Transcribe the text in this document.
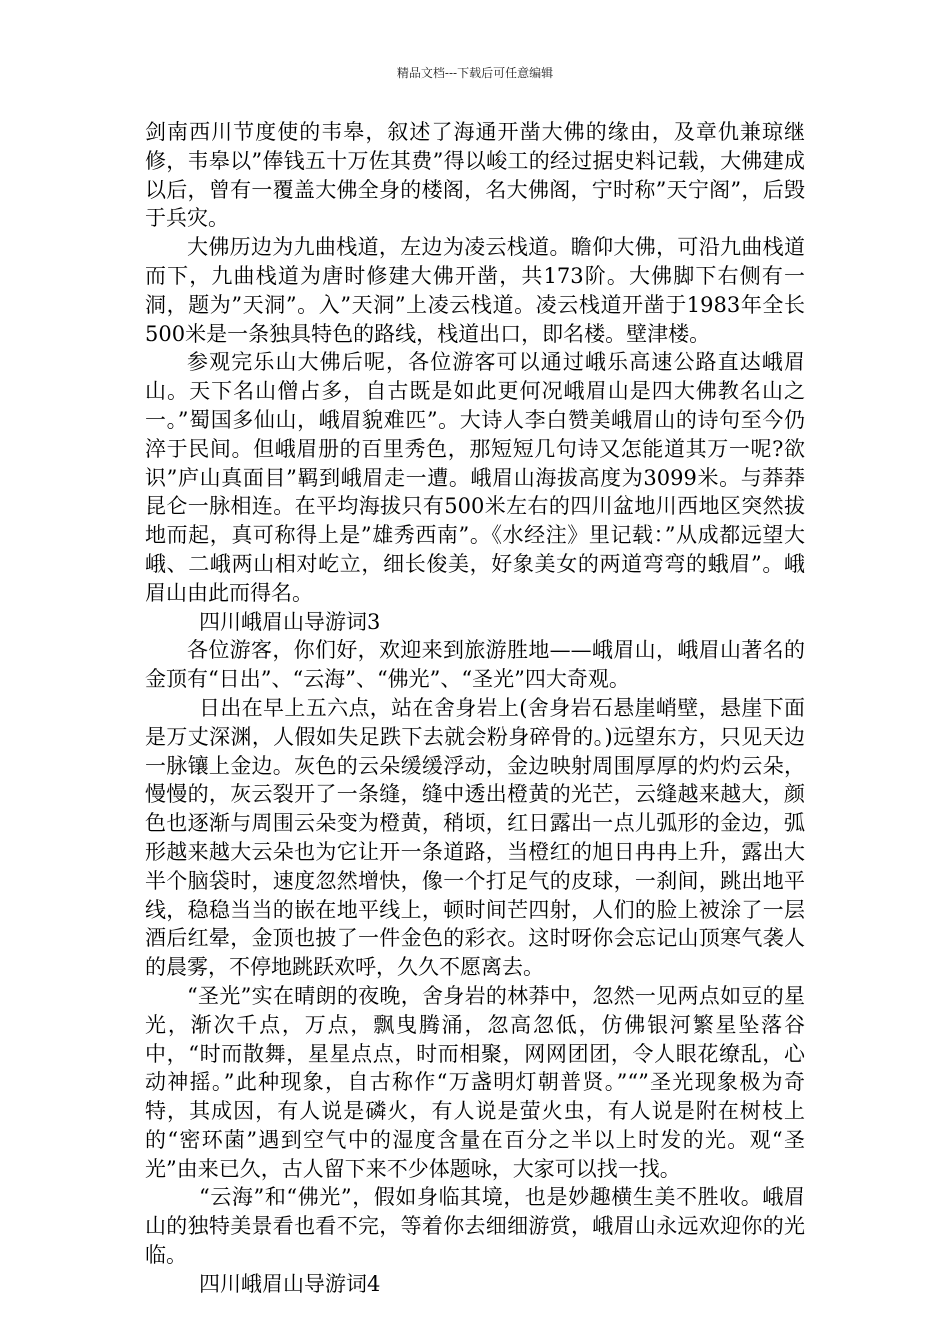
精品文档---下载后可任意编辑

剑南西川节度使的韦皋，叙述了海通开凿大佛的缘由，及章仇兼琼继修，韦皋以”俸钱五十万佐其费”得以峻工的经过据史料记载，大佛建成以后，曾有一覆盖大佛全身的楼阁，名大佛阁，宁时称”天宁阁”，后毁于兵灾。

大佛历边为九曲栈道，左边为凌云栈道。瞻仰大佛，可沿九曲栈道而下，九曲栈道为唐时修建大佛开凿，共173阶。大佛脚下右侧有一洞，题为”天洞”。入”天洞”上凌云栈道。凌云栈道开凿于1983年全长500米是一条独具特色的路线，栈道出口，即名楼。壁津楼。

参观完乐山大佛后呢，各位游客可以通过峨乐高速公路直达峨眉山。天下名山僧占多，自古既是如此更何况峨眉山是四大佛教名山之一。”蜀国多仙山，峨眉貌难匹”。大诗人李白赞美峨眉山的诗句至今仍淬于民间。但峨眉册的百里秀色，那短短几句诗又怎能道其万一呢?欲识”庐山真面目”羁到峨眉走一遭。峨眉山海拔高度为3099米。与莽莽昆仑一脉相连。在平均海拔只有500米左右的四川盆地川西地区突然拔地而起，真可称得上是”雄秀西南”。《水经注》里记载：”从成都远望大峨、二峨两山相对屹立，细长俊美，好象美女的两道弯弯的蛾眉”。峨眉山由此而得名。

四川峨眉山导游词3

各位游客，你们好，欢迎来到旅游胜地——峨眉山，峨眉山著名的金顶有“日出”、“云海”、“佛光”、“圣光”四大奇观。

日出在早上五六点，站在舍身岩上(舍身岩石悬崖峭壁，悬崖下面是万丈深渊，人假如失足跌下去就会粉身碎骨的。)远望东方，只见天边一脉镶上金边。灰色的云朵缓缓浮动，金边映射周围厚厚的灼灼云朵，慢慢的，灰云裂开了一条缝，缝中透出橙黄的光芒，云缝越来越大，颜色也逐渐与周围云朵变为橙黄，稍顷，红日露出一点儿弧形的金边，弧形越来越大云朵也为它让开一条道路，当橙红的旭日冉冉上升，露出大半个脑袋时，速度忽然增快，像一个打足气的皮球，一刹间，跳出地平线，稳稳当当的嵌在地平线上，顿时间芒四射，人们的脸上被涂了一层酒后红晕，金顶也披了一件金色的彩衣。这时呀你会忘记山顶寒气袭人的晨雾，不停地跳跃欢呼，久久不愿离去。

“圣光”实在晴朗的夜晚，舍身岩的林莽中，忽然一见两点如豆的星光，渐次千点，万点，飘曳腾涌，忽高忽低，仿佛银河繁星坠落谷中，“时而散舞，星星点点，时而相聚，网网团团，令人眼花缭乱，心动神摇。”此种现象，自古称作“万盏明灯朝普贤。”“”圣光现象极为奇特，其成因，有人说是磷火，有人说是萤火虫，有人说是附在树枝上的“密环菌”遇到空气中的湿度含量在百分之半以上时发的光。观“圣光”由来已久，古人留下来不少体题咏，大家可以找一找。

“云海”和“佛光”，假如身临其境，也是妙趣横生美不胜收。峨眉山的独特美景看也看不完，等着你去细细游赏，峨眉山永远欢迎你的光临。

四川峨眉山导游词4
